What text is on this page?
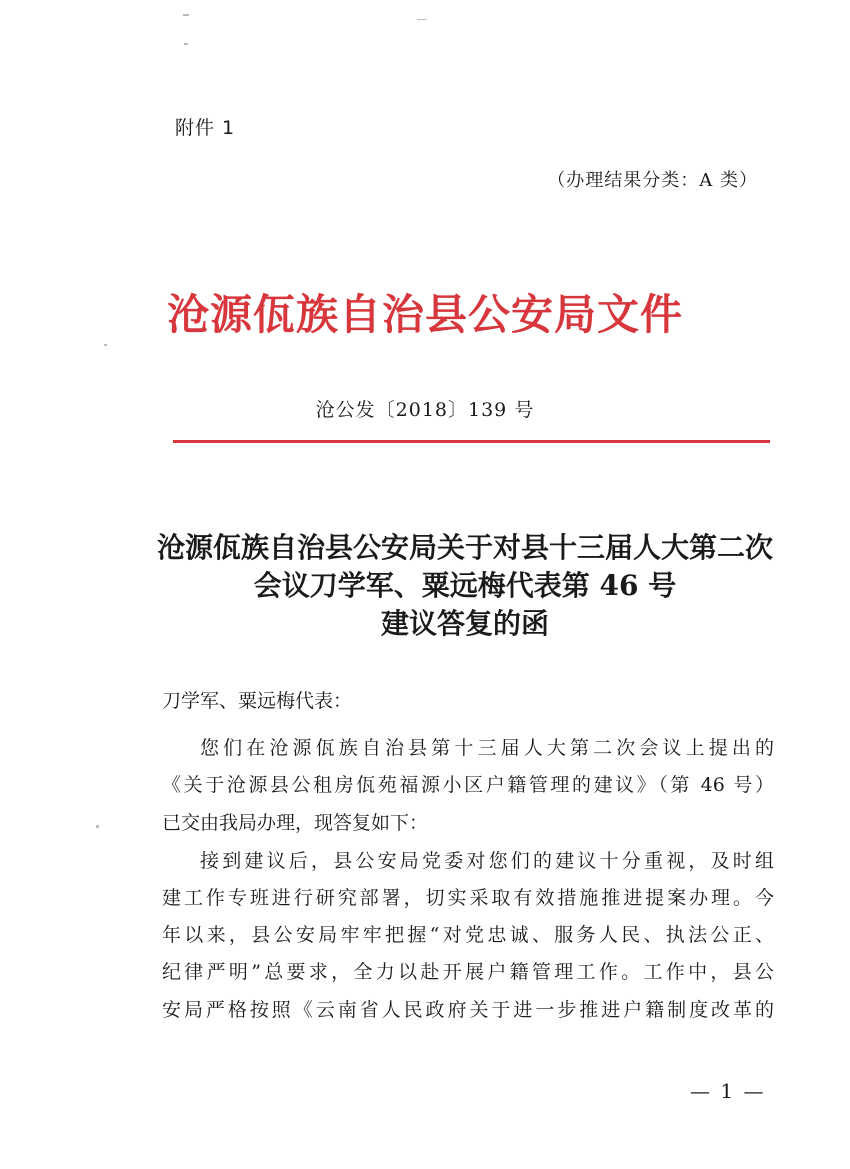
附件 1
（办理结果分类：A 类）
沧源佤族自治县公安局文件
沧公发〔2018〕139 号
沧源佤族自治县公安局关于对县十三届人大第二次
会议刀学军、粟远梅代表第 46 号
建议答复的函
刀学军、粟远梅代表：
您们在沧源佤族自治县第十三届人大第二次会议上提出的
《关于沧源县公租房佤苑福源小区户籍管理的建议》（第 46 号）
已交由我局办理，现答复如下：
接到建议后，县公安局党委对您们的建议十分重视，及时组
建工作专班进行研究部署，切实采取有效措施推进提案办理。今
年以来，县公安局牢牢把握“对党忠诚、服务人民、执法公正、
纪律严明”总要求，全力以赴开展户籍管理工作。工作中，县公
安局严格按照《云南省人民政府关于进一步推进户籍制度改革的
— 1 —
